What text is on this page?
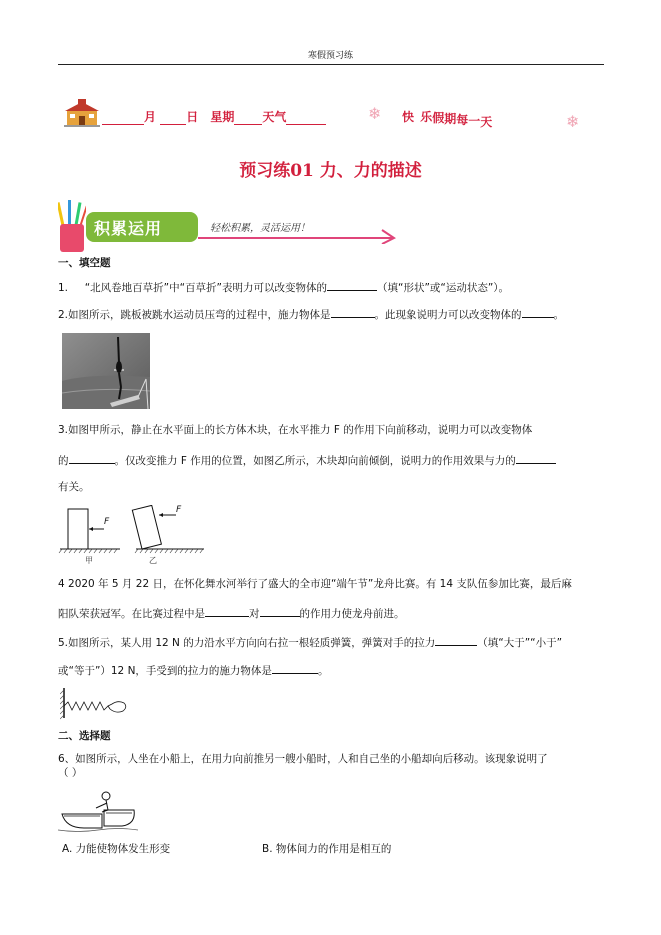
寒假预习练
月	日 星期 天气	❄	❄
快 乐假期每一天
预习练01 力、力的描述
积累运用	轻松积累，灵活运用！
一、填空题
1. “北风卷地百草折”中“百草折”表明力可以改变物体的	（填“形状”或“运动状态”）。
2.如图所示，跳板被跳水运动员压弯的过程中，施力物体是	。此现象说明力可以改变物体的	。
3.如图甲所示，静止在水平面上的长方体木块，在水平推力 F 的作用下向前移动，说明力可以改变物体
的	。仅改变推力 F 作用的位置，如图乙所示，木块却向前倾倒，说明力的作用效果与力的
有关。
F
F
甲	乙
4 2020 年 5 月 22 日，在怀化舞水河举行了盛大的全市迎“端午节”龙舟比赛。有 14 支队伍参加比赛，最后麻
阳队荣获冠军。在比赛过程中是	对	的作用力使龙舟前进。
5.如图所示，某人用 12 N 的力沿水平方向向右拉一根轻质弹簧，弹簧对手的拉力	（填“大于”“小于”
或“等于”）12 N，手受到的拉力的施力物体是	。
二、选择题
6、如图所示，人坐在小船上，在用力向前推另一艘小船时，人和自己坐的小船却向后移动。该现象说明了
（ ）
A. 力能使物体发生形变	B. 物体间力的作用是相互的
